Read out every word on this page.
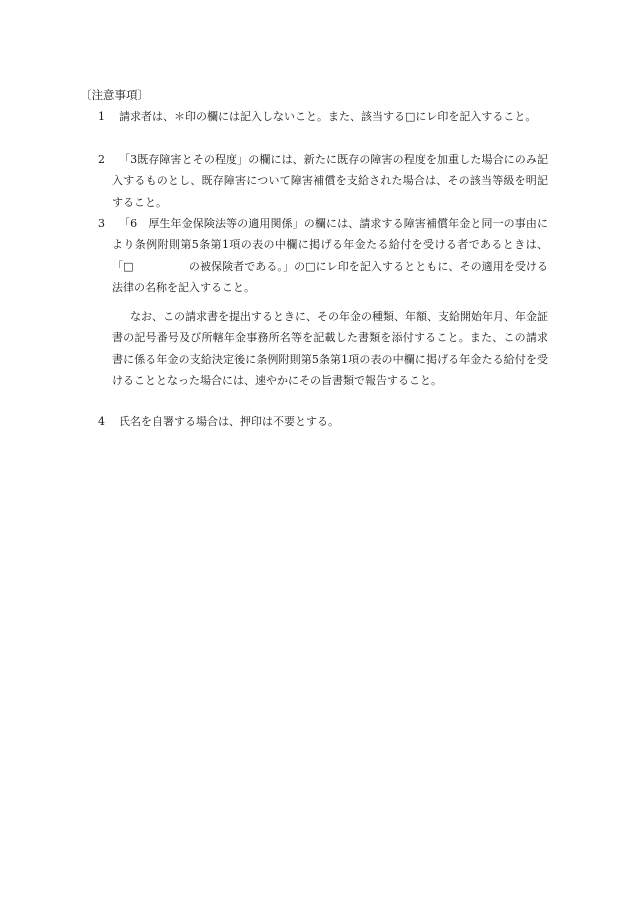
〔注意事項〕
1	請求者は、＊印の欄には記入しないこと。また、該当する□にレ印を記入すること。
2	「3既存障害とその程度」の欄には、新たに既存の障害の程度を加重した場合にのみ記入するものとし、既存障害について障害補償を支給された場合は、その該当等級を明記すること。
3	「6　厚生年金保険法等の適用関係」の欄には、請求する障害補償年金と同一の事由により条例附則第5条第1項の表の中欄に掲げる年金たる給付を受ける者であるときは、「□　　　　　の被保険者である。」の□にレ印を記入するとともに、その適用を受ける法律の名称を記入すること。
なお、この請求書を提出するときに、その年金の種類、年額、支給開始年月、年金証書の記号番号及び所轄年金事務所名等を記載した書類を添付すること。また、この請求書に係る年金の支給決定後に条例附則第5条第1項の表の中欄に掲げる年金たる給付を受けることとなった場合には、速やかにその旨書類で報告すること。
4 氏名を自署する場合は、押印は不要とする。
